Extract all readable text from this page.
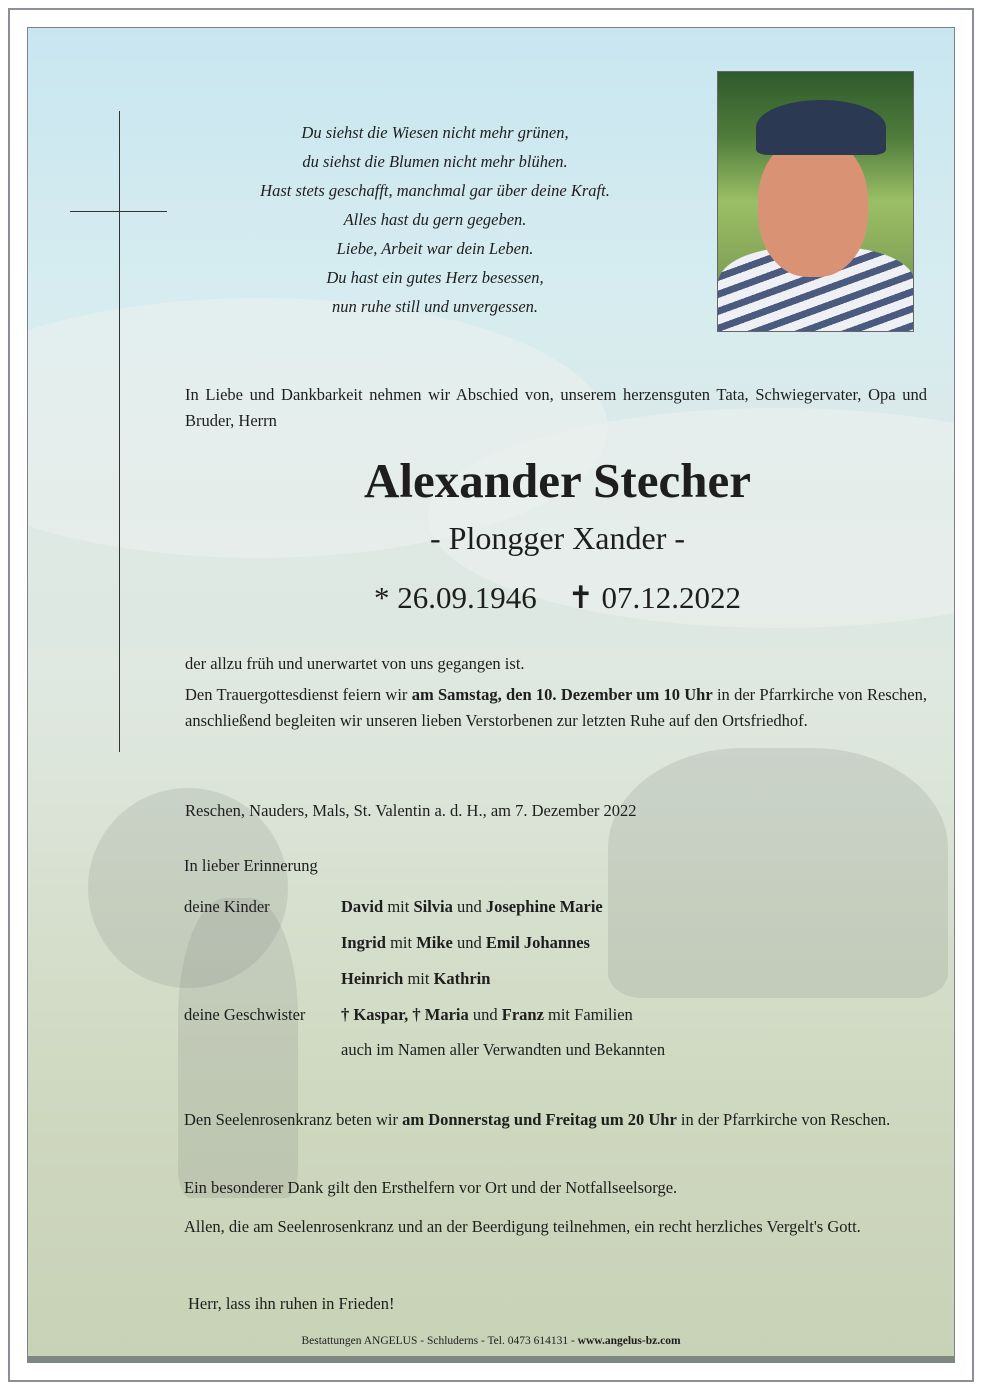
Du siehst die Wiesen nicht mehr grünen,
du siehst die Blumen nicht mehr blühen.
Hast stets geschafft, manchmal gar über deine Kraft.
Alles hast du gern gegeben.
Liebe, Arbeit war dein Leben.
Du hast ein gutes Herz besessen,
nun ruhe still und unvergessen.
In Liebe und Dankbarkeit nehmen wir Abschied von, unserem herzensguten Tata, Schwiegervater, Opa und Bruder, Herrn
Alexander Stecher
- Plongger Xander -
* 26.09.1946 ✝ 07.12.2022
der allzu früh und unerwartet von uns gegangen ist.
Den Trauergottesdienst feiern wir am Samstag, den 10. Dezember um 10 Uhr in der Pfarrkirche von Reschen, anschließend begleiten wir unseren lieben Verstorbenen zur letzten Ruhe auf den Ortsfriedhof.
Reschen, Nauders, Mals, St. Valentin a. d. H., am 7. Dezember 2022
In lieber Erinnerung
deine Kinder	David mit Silvia und Josephine Marie
Ingrid mit Mike und Emil Johannes
Heinrich mit Kathrin
deine Geschwister † Kaspar, † Maria und Franz mit Familien
auch im Namen aller Verwandten und Bekannten
Den Seelenrosenkranz beten wir am Donnerstag und Freitag um 20 Uhr in der Pfarrkirche von Reschen.
Ein besonderer Dank gilt den Ersthelfern vor Ort und der Notfallseelsorge.
Allen, die am Seelenrosenkranz und an der Beerdigung teilnehmen, ein recht herzliches Vergelt's Gott.
Herr, lass ihn ruhen in Frieden!
Bestattungen ANGELUS - Schluderns - Tel. 0473 614131 - www.angelus-bz.com
